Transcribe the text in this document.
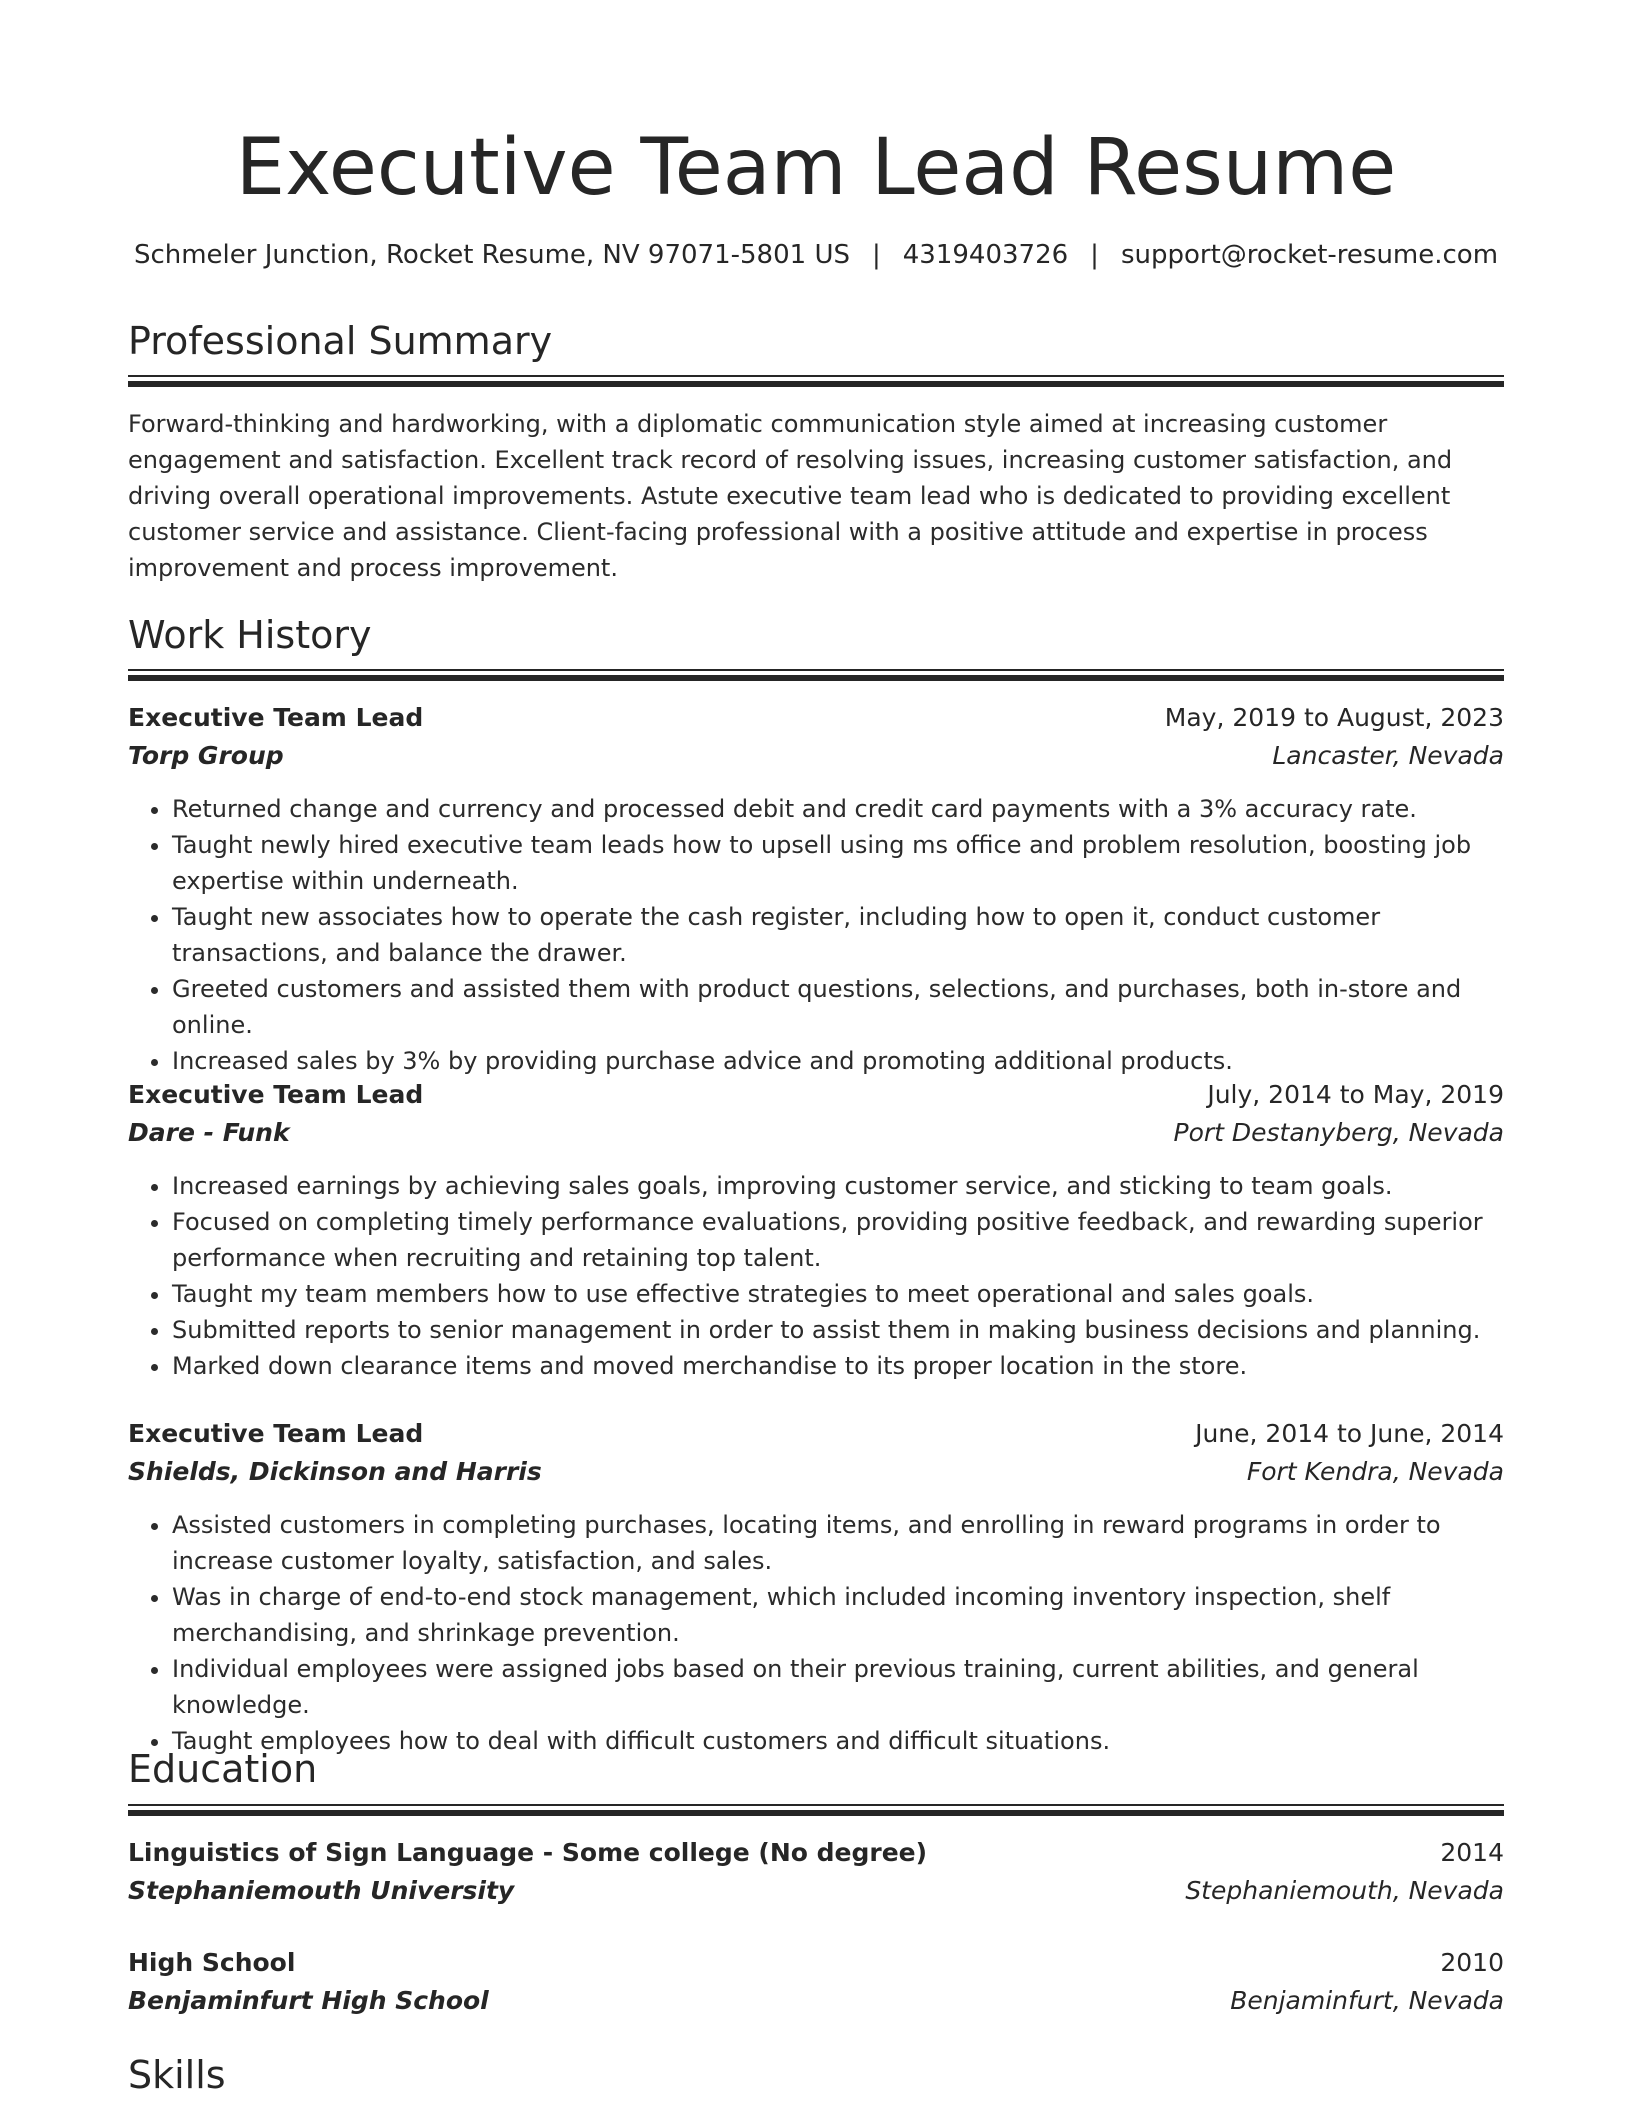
Executive Team Lead Resume
Schmeler Junction, Rocket Resume, NV 97071-5801 US | 4319403726 | support@rocket-resume.com
Professional Summary
Forward-thinking and hardworking, with a diplomatic communication style aimed at increasing customer engagement and satisfaction. Excellent track record of resolving issues, increasing customer satisfaction, and driving overall operational improvements. Astute executive team lead who is dedicated to providing excellent customer service and assistance. Client-facing professional with a positive attitude and expertise in process improvement and process improvement.
Work History
Executive Team Lead	May, 2019 to August, 2023
Torp Group	Lancaster, Nevada
• Returned change and currency and processed debit and credit card payments with a 3% accuracy rate.
• Taught newly hired executive team leads how to upsell using ms office and problem resolution, boosting job expertise within underneath.
• Taught new associates how to operate the cash register, including how to open it, conduct customer transactions, and balance the drawer.
• Greeted customers and assisted them with product questions, selections, and purchases, both in-store and online.
• Increased sales by 3% by providing purchase advice and promoting additional products.
Executive Team Lead	July, 2014 to May, 2019
Dare - Funk	Port Destanyberg, Nevada
• Increased earnings by achieving sales goals, improving customer service, and sticking to team goals.
• Focused on completing timely performance evaluations, providing positive feedback, and rewarding superior performance when recruiting and retaining top talent.
• Taught my team members how to use effective strategies to meet operational and sales goals.
• Submitted reports to senior management in order to assist them in making business decisions and planning.
• Marked down clearance items and moved merchandise to its proper location in the store.
Executive Team Lead	June, 2014 to June, 2014
Shields, Dickinson and Harris	Fort Kendra, Nevada
• Assisted customers in completing purchases, locating items, and enrolling in reward programs in order to increase customer loyalty, satisfaction, and sales.
• Was in charge of end-to-end stock management, which included incoming inventory inspection, shelf merchandising, and shrinkage prevention.
• Individual employees were assigned jobs based on their previous training, current abilities, and general knowledge.
• Taught employees how to deal with difficult customers and difficult situations.
Education
Linguistics of Sign Language - Some college (No degree)	2014
Stephaniemouth University	Stephaniemouth, Nevada
High School	2010
Benjaminfurt High School	Benjaminfurt, Nevada
Skills
